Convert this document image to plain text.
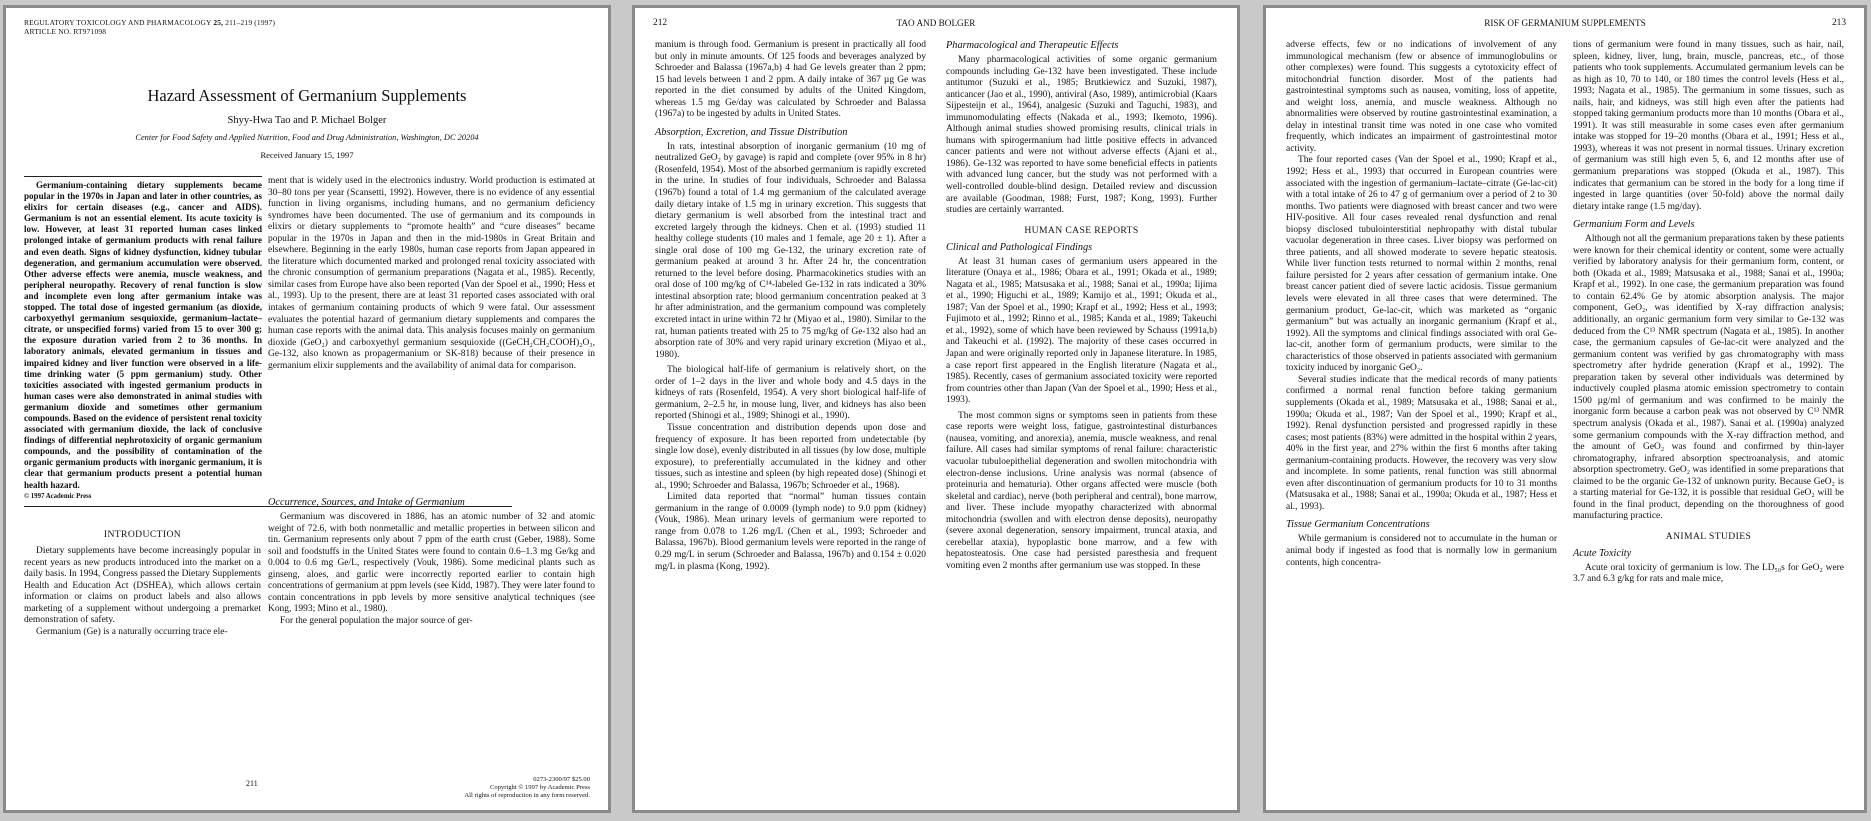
REGULATORY TOXICOLOGY AND PHARMACOLOGY 25, 211–219 (1997)
ARTICLE NO. RT971098
Hazard Assessment of Germanium Supplements
Shyy-Hwa Tao and P. Michael Bolger
Center for Food Safety and Applied Nutrition, Food and Drug Administration, Washington, DC 20204
Received January 15, 1997

Germanium-containing dietary supplements became popular in the 1970s in Japan and later in other countries, as elixirs for certain diseases (e.g., cancer and AIDS). Germanium is not an essential element. Its acute toxicity is low. However, at least 31 reported human cases linked prolonged intake of germanium products with renal failure and even death. Signs of kidney dysfunction, kidney tubular degeneration, and germanium accumulation were observed. Other adverse effects were anemia, muscle weakness, and peripheral neuropathy. Recovery of renal function is slow and incomplete even long after germanium intake was stopped. The total dose of ingested germanium (as dioxide, carboxyethyl germanium sesquioxide, germanium–lactate–citrate, or unspecified forms) varied from 15 to over 300 g; the exposure duration varied from 2 to 36 months. In laboratory animals, elevated germanium in tissues and impaired kidney and liver function were observed in a life-time drinking water (5 ppm germanium) study. Other toxicities associated with ingested germanium products in human cases were also demonstrated in animal studies with germanium dioxide and sometimes other germanium compounds. Based on the evidence of persistent renal toxicity associated with germanium dioxide, the lack of conclusive findings of differential nephrotoxicity of organic germanium compounds, and the possibility of contamination of the organic germanium products with inorganic germanium, it is clear that germanium products present a potential human health hazard.

© 1997 Academic Press

ment that is widely used in the electronics industry. World production is estimated at 30–80 tons per year (Scansetti, 1992). However, there is no evidence of any essential function in living organisms, including humans, and no germanium deficiency syndromes have been documented. The use of germanium and its compounds in elixirs or dietary supplements to “promote health” and “cure diseases” became popular in the 1970s in Japan and then in the mid-1980s in Great Britain and elsewhere. Beginning in the early 1980s, human case reports from Japan appeared in the literature which documented marked and prolonged renal toxicity associated with the chronic consumption of germanium preparations (Nagata et al., 1985). Recently, similar cases from Europe have also been reported (Van der Spoel et al., 1990; Hess et al., 1993). Up to the present, there are at least 31 reported cases associated with oral intakes of germanium containing products of which 9 were fatal. Our assessment evaluates the potential hazard of germanium dietary supplements and compares the human case reports with the animal data. This analysis focuses mainly on germanium dioxide (GeO₂) and carboxyethyl germanium sesquioxide ((GeCH₂CH₂COOH)₂O₃, Ge-132, also known as propagermanium or SK-818) because of their presence in germanium elixir supplements and the availability of animal data for comparison.

Occurrence, Sources, and Intake of Germanium

Germanium was discovered in 1886, has an atomic number of 32 and atomic weight of 72.6, with both nonmetallic and metallic properties in between silicon and tin. Germanium represents only about 7 ppm of the earth crust (Geber, 1988). Some soil and foodstuffs in the United States were found to contain 0.6–1.3 mg Ge/kg and 0.004 to 0.6 mg Ge/L, respectively (Vouk, 1986). Some medicinal plants such as ginseng, aloes, and garlic were incorrectly reported earlier to contain high concentrations of germanium at ppm levels (see Kidd, 1987). They were later found to contain concentrations in ppb levels by more sensitive analytical techniques (see Kong, 1993; Mino et al., 1980).

For the general population the major source of ger-

INTRODUCTION

Dietary supplements have become increasingly popular in recent years as new products introduced into the market on a daily basis. In 1994, Congress passed the Dietary Supplements Health and Education Act (DSHEA), which allows certain information or claims on product labels and also allows marketing of a supplement without undergoing a premarket demonstration of safety.

Germanium (Ge) is a naturally occurring trace ele-

211	0273-2300/97 $25.00
Copyright © 1997 by Academic Press
All rights of reproduction in any form reserved.
212	TAO AND BOLGER

manium is through food. Germanium is present in practically all food but only in minute amounts. Of 125 foods and beverages analyzed by Schroeder and Balassa (1967a,b) 4 had Ge levels greater than 2 ppm; 15 had levels between 1 and 2 ppm. A daily intake of 367 µg Ge was reported in the diet consumed by adults of the United Kingdom, whereas 1.5 mg Ge/day was calculated by Schroeder and Balassa (1967a) to be ingested by adults in United States.

Absorption, Excretion, and Tissue Distribution

In rats, intestinal absorption of inorganic germanium (10 mg of neutralized GeO₂ by gavage) is rapid and complete (over 95% in 8 hr) (Rosenfeld, 1954). Most of the absorbed germanium is rapidly excreted in the urine. In studies of four individuals, Schroeder and Balassa (1967b) found a total of 1.4 mg germanium of the calculated average daily dietary intake of 1.5 mg in urinary excretion. This suggests that dietary germanium is well absorbed from the intestinal tract and excreted largely through the kidneys. Chen et al. (1993) studied 11 healthy college students (10 males and 1 female, age 20 ± 1). After a single oral dose of 100 mg Ge-132, the urinary excretion rate of germanium peaked at around 3 hr. After 24 hr, the concentration returned to the level before dosing. Pharmacokinetics studies with an oral dose of 100 mg/kg of C¹⁴-labeled Ge-132 in rats indicated a 30% intestinal absorption rate; blood germanium concentration peaked at 3 hr after administration, and the germanium compound was completely excreted intact in urine within 72 hr (Miyao et al., 1980). Similar to the rat, human patients treated with 25 to 75 mg/kg of Ge-132 also had an absorption rate of 30% and very rapid urinary excretion (Miyao et al., 1980).

The biological half-life of germanium is relatively short, on the order of 1–2 days in the liver and whole body and 4.5 days in the kidneys of rats (Rosenfeld, 1954). A very short biological half-life of germanium, 2–2.5 hr, in mouse lung, liver, and kidneys has also been reported (Shinogi et al., 1989; Shinogi et al., 1990).

Tissue concentration and distribution depends upon dose and frequency of exposure. It has been reported from undetectable (by single low dose), evenly distributed in all tissues (by low dose, multiple exposure), to preferentially accumulated in the kidney and other tissues, such as intestine and spleen (by high repeated dose) (Shinogi et al., 1990; Schroeder and Balassa, 1967b; Schroeder et al., 1968).

Limited data reported that “normal” human tissues contain germanium in the range of 0.0009 (lymph node) to 9.0 ppm (kidney) (Vouk, 1986). Mean urinary levels of germanium were reported to range from 0.078 to 1.26 mg/L (Chen et al., 1993; Schroeder and Balassa, 1967b). Blood germanium levels were reported in the range of 0.29 mg/L in serum (Schroeder and Balassa, 1967b) and 0.154 ± 0.020 mg/L in plasma (Kong, 1992).

Pharmacological and Therapeutic Effects

Many pharmacological activities of some organic germanium compounds including Ge-132 have been investigated. These include antitumor (Suzuki et al., 1985; Brutkiewicz and Suzuki, 1987), anticancer (Jao et al., 1990), antiviral (Aso, 1989), antimicrobial (Kaars Sijpesteijn et al., 1964), analgesic (Suzuki and Taguchi, 1983), and immunomodulating effects (Nakada et al., 1993; Ikemoto, 1996). Although animal studies showed promising results, clinical trials in humans with spirogermanium had little positive effects in advanced cancer patients and were not without adverse effects (Ajani et al., 1986). Ge-132 was reported to have some beneficial effects in patients with advanced lung cancer, but the study was not performed with a well-controlled double-blind design. Detailed review and discussion are available (Goodman, 1988; Furst, 1987; Kong, 1993). Further studies are certainly warranted.

HUMAN CASE REPORTS
Clinical and Pathological Findings

At least 31 human cases of germanium users appeared in the literature (Onaya et al., 1986; Obara et al., 1991; Okada et al., 1989; Nagata et al., 1985; Matsusaka et al., 1988; Sanai et al., 1990a; Iijima et al., 1990; Higuchi et al., 1989; Kamijo et al., 1991; Okuda et al., 1987; Van der Spoel et al., 1990; Krapf et al., 1992; Hess et al., 1993; Fujimoto et al., 1992; Rinno et al., 1985; Kanda et al., 1989; Takeuchi et al., 1992), some of which have been reviewed by Schauss (1991a,b) and Takeuchi et al. (1992). The majority of these cases occurred in Japan and were originally reported only in Japanese literature. In 1985, a case report first appeared in the English literature (Nagata et al., 1985). Recently, cases of germanium associated toxicity were reported from countries other than Japan (Van der Spoel et al., 1990; Hess et al., 1993).

The most common signs or symptoms seen in patients from these case reports were weight loss, fatigue, gastrointestinal disturbances (nausea, vomiting, and anorexia), anemia, muscle weakness, and renal failure. All cases had similar symptoms of renal failure: characteristic vacuolar tubuloepithelial degeneration and swollen mitochondria with electron-dense inclusions. Urine analysis was normal (absence of proteinuria and hematuria). Other organs affected were muscle (both skeletal and cardiac), nerve (both peripheral and central), bone marrow, and liver. These include myopathy characterized with abnormal mitochondria (swollen and with electron dense deposits), neuropathy (severe axonal degeneration, sensory impairment, truncal ataxia, and cerebellar ataxia), hypoplastic bone marrow, and a few with hepatosteatosis. One case had persisted paresthesia and frequent vomiting even 2 months after germanium use was stopped. In these

RISK OF GERMANIUM SUPPLEMENTS	213

adverse effects, few or no indications of involvement of any immunological mechanism (few or absence of immunoglobulins or other complexes) were found. This suggests a cytotoxicity effect of mitochondrial function disorder. Most of the patients had gastrointestinal symptoms such as nausea, vomiting, loss of appetite, and weight loss, anemia, and muscle weakness. Although no abnormalities were observed by routine gastrointestinal examination, a delay in intestinal transit time was noted in one case who vomited frequently, which indicates an impairment of gastrointestinal motor activity.

The four reported cases (Van der Spoel et al., 1990; Krapf et al., 1992; Hess et al., 1993) that occurred in European countries were associated with the ingestion of germanium–lactate–citrate (Ge-lac-cit) with a total intake of 26 to 47 g of germanium over a period of 2 to 30 months. Two patients were diagnosed with breast cancer and two were HIV-positive. All four cases revealed renal dysfunction and renal biopsy disclosed tubulointerstitial nephropathy with distal tubular vacuolar degeneration in three cases. Liver biopsy was performed on three patients, and all showed moderate to severe hepatic steatosis. While liver function tests returned to normal within 2 months, renal failure persisted for 2 years after cessation of germanium intake. One breast cancer patient died of severe lactic acidosis. Tissue germanium levels were elevated in all three cases that were determined. The germanium product, Ge-lac-cit, which was marketed as “organic germanium” but was actually an inorganic germanium (Krapf et al., 1992). All the symptoms and clinical findings associated with oral Ge-lac-cit, another form of germanium products, were similar to the characteristics of those observed in patients associated with germanium toxicity induced by inorganic GeO₂.

Several studies indicate that the medical records of many patients confirmed a normal renal function before taking germanium supplements (Okada et al., 1989; Matsusaka et al., 1988; Sanai et al., 1990a; Okuda et al., 1987; Van der Spoel et al., 1990; Krapf et al., 1992). Renal dysfunction persisted and progressed rapidly in these cases; most patients (83%) were admitted in the hospital within 2 years, 40% in the first year, and 27% within the first 6 months after taking germanium-containing products. However, the recovery was very slow and incomplete. In some patients, renal function was still abnormal even after discontinuation of germanium products for 10 to 31 months (Matsusaka et al., 1988; Sanai et al., 1990a; Okuda et al., 1987; Hess et al., 1993).

Tissue Germanium Concentrations

While germanium is considered not to accumulate in the human or animal body if ingested as food that is normally low in germanium contents, high concentra-

tions of germanium were found in many tissues, such as hair, nail, spleen, kidney, liver, lung, brain, muscle, pancreas, etc., of those patients who took supplements. Accumulated germanium levels can be as high as 10, 70 to 140, or 180 times the control levels (Hess et al., 1993; Nagata et al., 1985). The germanium in some tissues, such as nails, hair, and kidneys, was still high even after the patients had stopped taking germanium products more than 10 months (Obara et al., 1991). It was still measurable in some cases even after germanium intake was stopped for 19–20 months (Obara et al., 1991; Hess et al., 1993), whereas it was not present in normal tissues. Urinary excretion of germanium was still high even 5, 6, and 12 months after use of germanium preparations was stopped (Okuda et al., 1987). This indicates that germanium can be stored in the body for a long time if ingested in large quantities (over 50-fold) above the normal daily dietary intake range (1.5 mg/day).

Germanium Form and Levels

Although not all the germanium preparations taken by these patients were known for their chemical identity or content, some were actually verified by laboratory analysis for their germanium form, content, or both (Okada et al., 1989; Matsusaka et al., 1988; Sanai et al., 1990a; Krapf et al., 1992). In one case, the germanium preparation was found to contain 62.4% Ge by atomic absorption analysis. The major component, GeO₂, was identified by X-ray diffraction analysis; additionally, an organic germanium form very similar to Ge-132 was deduced from the C¹³ NMR spectrum (Nagata et al., 1985). In another case, the germanium capsules of Ge-lac-cit were analyzed and the germanium content was verified by gas chromatography with mass spectrometry after hydride generation (Krapf et al., 1992). The preparation taken by several other individuals was determined by inductively coupled plasma atomic emission spectrometry to contain 1500 µg/ml of germanium and was confirmed to be mainly the inorganic form because a carbon peak was not observed by C¹³ NMR spectrum analysis (Okada et al., 1987). Sanai et al. (1990a) analyzed some germanium compounds with the X-ray diffraction method, and the amount of GeO₂ was found and confirmed by thin-layer chromatography, infrared absorption spectroanalysis, and atomic absorption spectrometry. GeO₂ was identified in some preparations that claimed to be the organic Ge-132 of unknown purity. Because GeO₂ is a starting material for Ge-132, it is possible that residual GeO₂ will be found in the final product, depending on the thoroughness of good manufacturing practice.

ANIMAL STUDIES
Acute Toxicity

Acute oral toxicity of germanium is low. The LD₅₀s for GeO₂ were 3.7 and 6.3 g/kg for rats and male mice,
